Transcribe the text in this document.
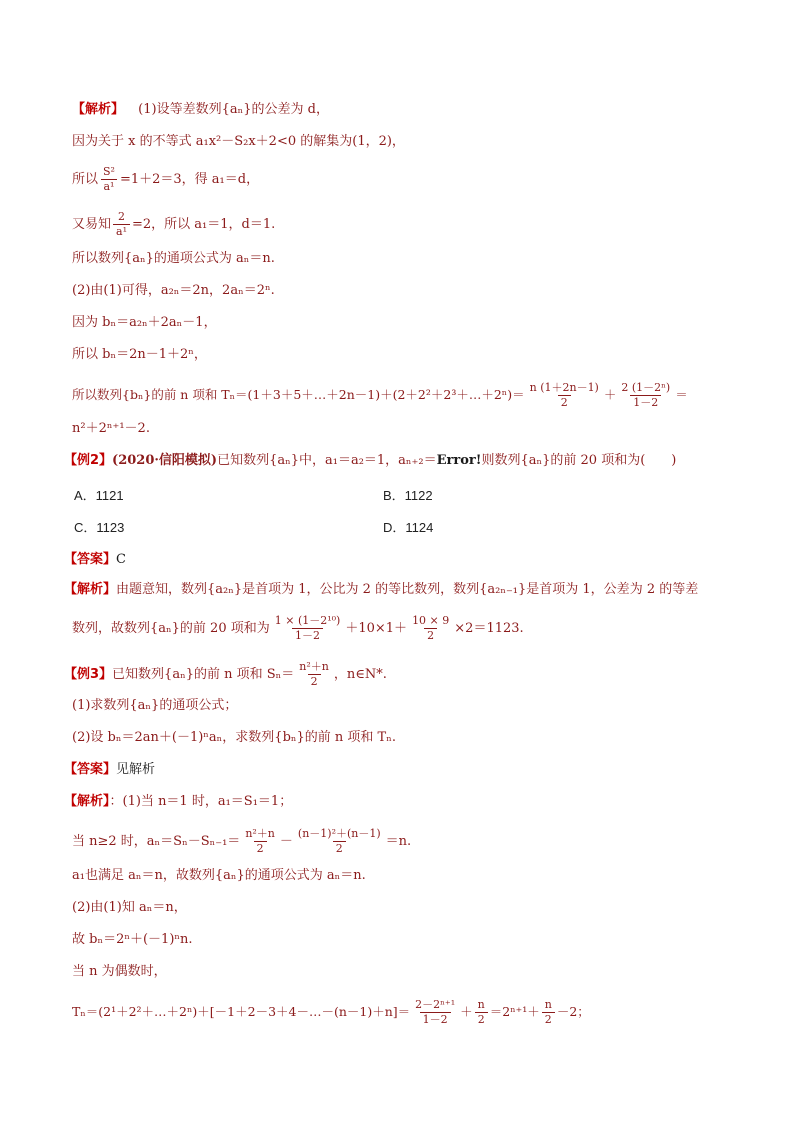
【解析】 (1)设等差数列{aₙ}的公差为 d，
因为关于 x 的不等式 a₁x²－S₂x＋2<0 的解集为(1，2)，
所以 $\frac{\text{S²}}{\text{a¹}} =1+2=3$，得 a₁＝d，
又易知 $\frac{2}{\text{a¹}} =2$，所以 a₁＝1，d＝1.
所以数列{aₙ}的通项公式为 aₙ＝n.
(2)由(1)可得，a₂ₙ＝2n，2aₙ＝2ⁿ.
因为 bₙ＝a₂ₙ＋2aₙ－1，
所以 bₙ＝2n－1＋2ⁿ，
所以数列{bₙ}的前 n 项和 Tₙ＝(1＋3＋5＋…＋2n－1)＋(2＋2²＋2³＋…＋2ⁿ)＝ $\frac{n (1+2n-1)}{2} + \frac{\text{2 (1－2ⁿ)}}{1-2}$ ＝
n²＋2ⁿ⁺¹－2.
【例2】(2020·信阳模拟)已知数列{aₙ}中，a₁＝a₂＝1，aₙ₊₂＝Error!则数列{aₙ}的前 20 项和为(　　)
A．1121	B．1122
C．1123	D．1124
【答案】C
【解析】由题意知，数列{a₂ₙ}是首项为 1，公比为 2 的等比数列，数列{a₂ₙ₋₁}是首项为 1，公差为 2 的等差
数列，故数列{aₙ}的前 20 项和为 $\frac{\text{1 × (1－2¹⁰)}}{1-2} +10\times 1+ \frac{10 \times 9}{2} \times 2=1123$.
【例3】已知数列{aₙ}的前 n 项和 $S_n= \frac{\text{n²＋n}}{2}$ ，n∈N*.
(1)求数列{aₙ}的通项公式；
(2)设 bₙ＝2an＋(－1)ⁿaₙ，求数列{bₙ}的前 n 项和 Tₙ.
【答案】见解析
【解析】：(1)当 n＝1 时，a₁＝S₁＝1；
当 n≥2 时，$a_n=S_n-S_{n-1}= \frac{\text{n²＋n}}{2} - \frac{\text{(n－1)²＋(n－1)}}{2} =n$.
a₁也满足 aₙ＝n，故数列{aₙ}的通项公式为 aₙ＝n.
(2)由(1)知 aₙ＝n，
故 bₙ＝2ⁿ＋(－1)ⁿn.
当 n 为偶数时，
Tₙ＝(2¹＋2²＋…＋2ⁿ)＋[－1＋2－3＋4－…－(n－1)＋n]＝ $\frac{\text{2－2ⁿ⁺¹}}{1-2} + \frac{n}{2} =2^{n+1}+ \frac{n}{2} -2$；
